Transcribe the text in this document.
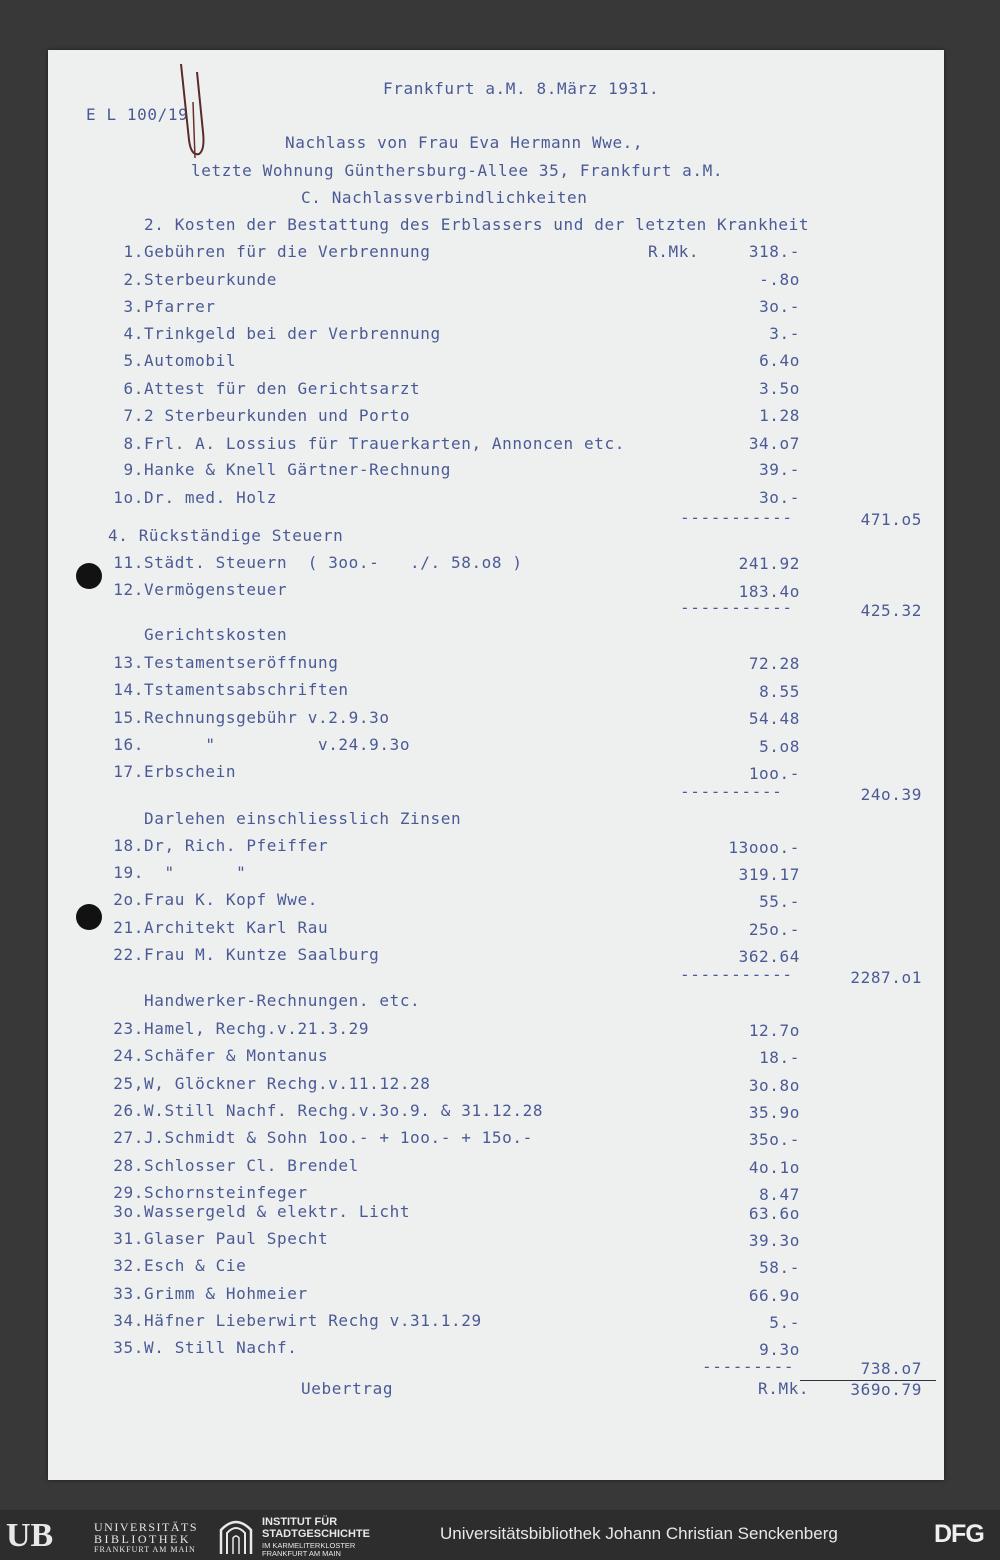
Frankfurt a.M. 8.März 1931.
E L 100/19
Nachlass von Frau Eva Hermann Wwe.,
letzte Wohnung Günthersburg-Allee 35, Frankfurt a.M.
C. Nachlassverbindlichkeiten
2. Kosten der Bestattung des Erblassers und der letzten Krankheit
1. Gebühren für die Verbrennung	R.Mk.	318.-
2. Sterbeurkunde	-.8o
3. Pfarrer	3o.-
4. Trinkgeld bei der Verbrennung	3.-
5. Automobil	6.4o
6. Attest für den Gerichtsarzt	3.5o
7. 2 Sterbeurkunden und Porto	1.28
8. Frl. A. Lossius für Trauerkarten, Annoncen etc.	34.o7
9. Hanke & Knell Gärtner-Rechnung	39.-
1o. Dr. med. Holz	3o.-
-----------	471.o5
4. Rückständige Steuern
11. Städt. Steuern  ( 3oo.-   ./. 58.o8 )	241.92
12. Vermögensteuer	183.4o
-----------	425.32
Gerichtskosten
13. Testamentseröffnung	72.28
14. Tstamentsabschriften	8.55
15. Rechnungsgebühr v.2.9.3o	54.48
16. "          v.24.9.3o	5.o8
17. Erbschein	1oo.-
----------	24o.39
Darlehen einschliesslich Zinsen
18. Dr, Rich. Pfeiffer	13ooo.-
19. "      "	319.17
2o. Frau K. Kopf Wwe.	55.-
21. Architekt Karl Rau	25o.-
22. Frau M. Kuntze Saalburg	362.64
-----------	2287.o1
Handwerker-Rechnungen. etc.
23. Hamel, Rechg.v.21.3.29	12.7o
24. Schäfer & Montanus	18.-
25, W, Glöckner Rechg.v.11.12.28	3o.8o
26. W.Still Nachf. Rechg.v.3o.9. & 31.12.28	35.9o
27. J.Schmidt & Sohn 1oo.- + 1oo.- + 15o.-	35o.-
28. Schlosser Cl. Brendel	4o.1o
29. Schornsteinfeger	8.47
3o. Wassergeld & elektr. Licht	63.6o
31. Glaser Paul Specht	39.3o
32. Esch & Cie	58.-
33. Grimm & Hohmeier	66.9o
34. Häfner Lieberwirt Rechg v.31.1.29	5.-
35. W. Still Nachf.	9.3o
---------	738.o7
Uebertrag	R.Mk.	369o.79
UB	UNIVERSITÄTS
BIBLIOTHEK
FRANKFURT AM MAIN
INSTITUT FÜR
STADTGESCHICHTE
IM KARMELITERKLOSTER
FRANKFURT AM MAIN
Universitätsbibliothek Johann Christian Senckenberg	DFG
